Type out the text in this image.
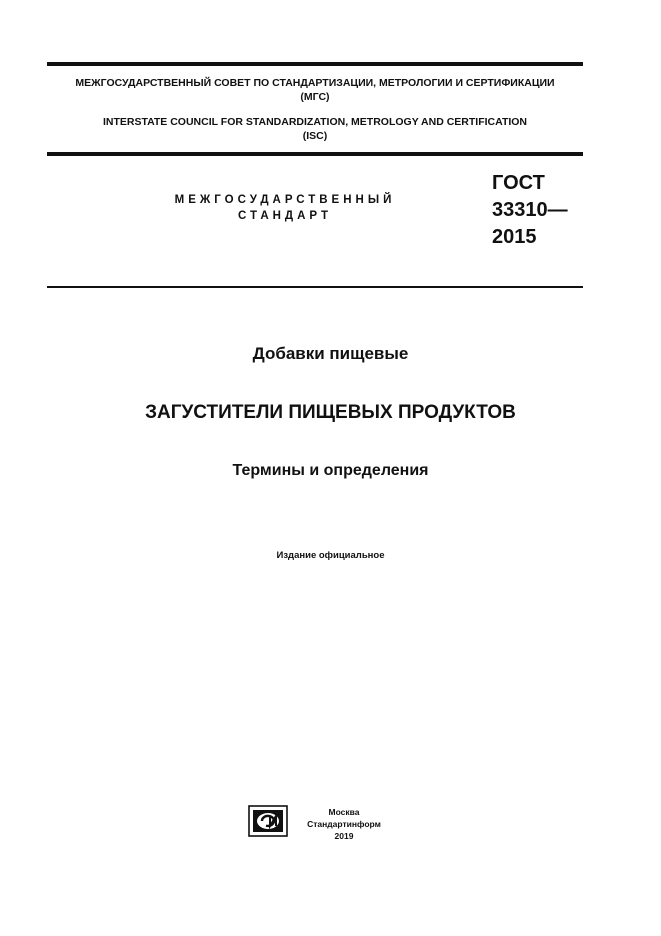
МЕЖГОСУДАРСТВЕННЫЙ СОВЕТ ПО СТАНДАРТИЗАЦИИ, МЕТРОЛОГИИ И СЕРТИФИКАЦИИ
(МГС)
INTERSTATE COUNCIL FOR STANDARDIZATION, METROLOGY AND CERTIFICATION
(ISC)
МЕЖГОСУДАРСТВЕННЫЙ
СТАНДАРТ
ГОСТ
33310—
2015
Добавки пищевые
ЗАГУСТИТЕЛИ ПИЩЕВЫХ ПРОДУКТОВ
Термины и определения
Издание официальное
Москва
Стандартинформ
2019
